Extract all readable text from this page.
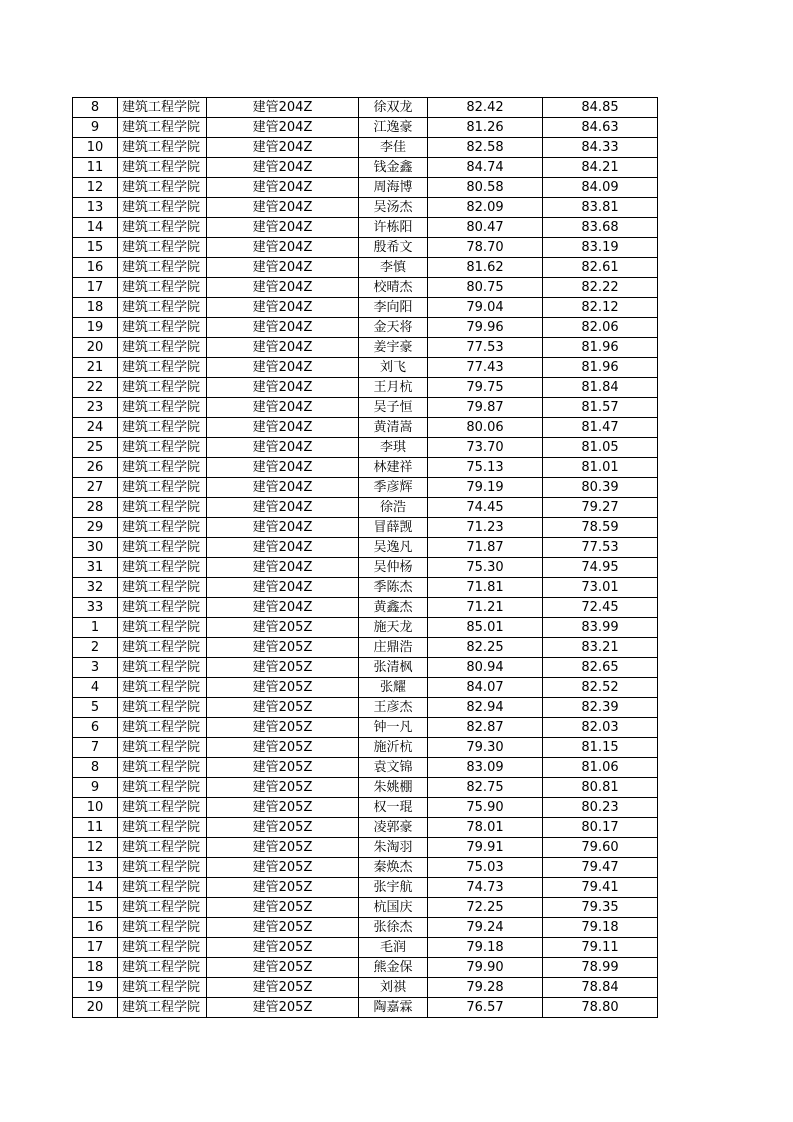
8	建筑工程学院	建管204Z	徐双龙	82.42	84.85
9	建筑工程学院	建管204Z	江逸豪	81.26	84.63
10	建筑工程学院	建管204Z	李佳	82.58	84.33
11	建筑工程学院	建管204Z	钱金鑫	84.74	84.21
12	建筑工程学院	建管204Z	周海博	80.58	84.09
13	建筑工程学院	建管204Z	吴汤杰	82.09	83.81
14	建筑工程学院	建管204Z	许栋阳	80.47	83.68
15	建筑工程学院	建管204Z	殷希文	78.70	83.19
16	建筑工程学院	建管204Z	李慎	81.62	82.61
17	建筑工程学院	建管204Z	校晴杰	80.75	82.22
18	建筑工程学院	建管204Z	李向阳	79.04	82.12
19	建筑工程学院	建管204Z	金天将	79.96	82.06
20	建筑工程学院	建管204Z	姜宇豪	77.53	81.96
21	建筑工程学院	建管204Z	刘飞	77.43	81.96
22	建筑工程学院	建管204Z	王月杭	79.75	81.84
23	建筑工程学院	建管204Z	吴子恒	79.87	81.57
24	建筑工程学院	建管204Z	黄清嵩	80.06	81.47
25	建筑工程学院	建管204Z	李琪	73.70	81.05
26	建筑工程学院	建管204Z	林建祥	75.13	81.01
27	建筑工程学院	建管204Z	季彦辉	79.19	80.39
28	建筑工程学院	建管204Z	徐浩	74.45	79.27
29	建筑工程学院	建管204Z	冒薛觊	71.23	78.59
30	建筑工程学院	建管204Z	吴逸凡	71.87	77.53
31	建筑工程学院	建管204Z	吴仲杨	75.30	74.95
32	建筑工程学院	建管204Z	季陈杰	71.81	73.01
33	建筑工程学院	建管204Z	黄鑫杰	71.21	72.45
1	建筑工程学院	建管205Z	施天龙	85.01	83.99
2	建筑工程学院	建管205Z	庄鼎浩	82.25	83.21
3	建筑工程学院	建管205Z	张清枫	80.94	82.65
4	建筑工程学院	建管205Z	张耀	84.07	82.52
5	建筑工程学院	建管205Z	王彦杰	82.94	82.39
6	建筑工程学院	建管205Z	钟一凡	82.87	82.03
7	建筑工程学院	建管205Z	施沂杭	79.30	81.15
8	建筑工程学院	建管205Z	袁文锦	83.09	81.06
9	建筑工程学院	建管205Z	朱姚棚	82.75	80.81
10	建筑工程学院	建管205Z	权一琨	75.90	80.23
11	建筑工程学院	建管205Z	凌郭豪	78.01	80.17
12	建筑工程学院	建管205Z	朱淘羽	79.91	79.60
13	建筑工程学院	建管205Z	秦焕杰	75.03	79.47
14	建筑工程学院	建管205Z	张宇航	74.73	79.41
15	建筑工程学院	建管205Z	杭国庆	72.25	79.35
16	建筑工程学院	建管205Z	张徐杰	79.24	79.18
17	建筑工程学院	建管205Z	毛润	79.18	79.11
18	建筑工程学院	建管205Z	熊金保	79.90	78.99
19	建筑工程学院	建管205Z	刘祺	79.28	78.84
20	建筑工程学院	建管205Z	陶嘉霖	76.57	78.80
